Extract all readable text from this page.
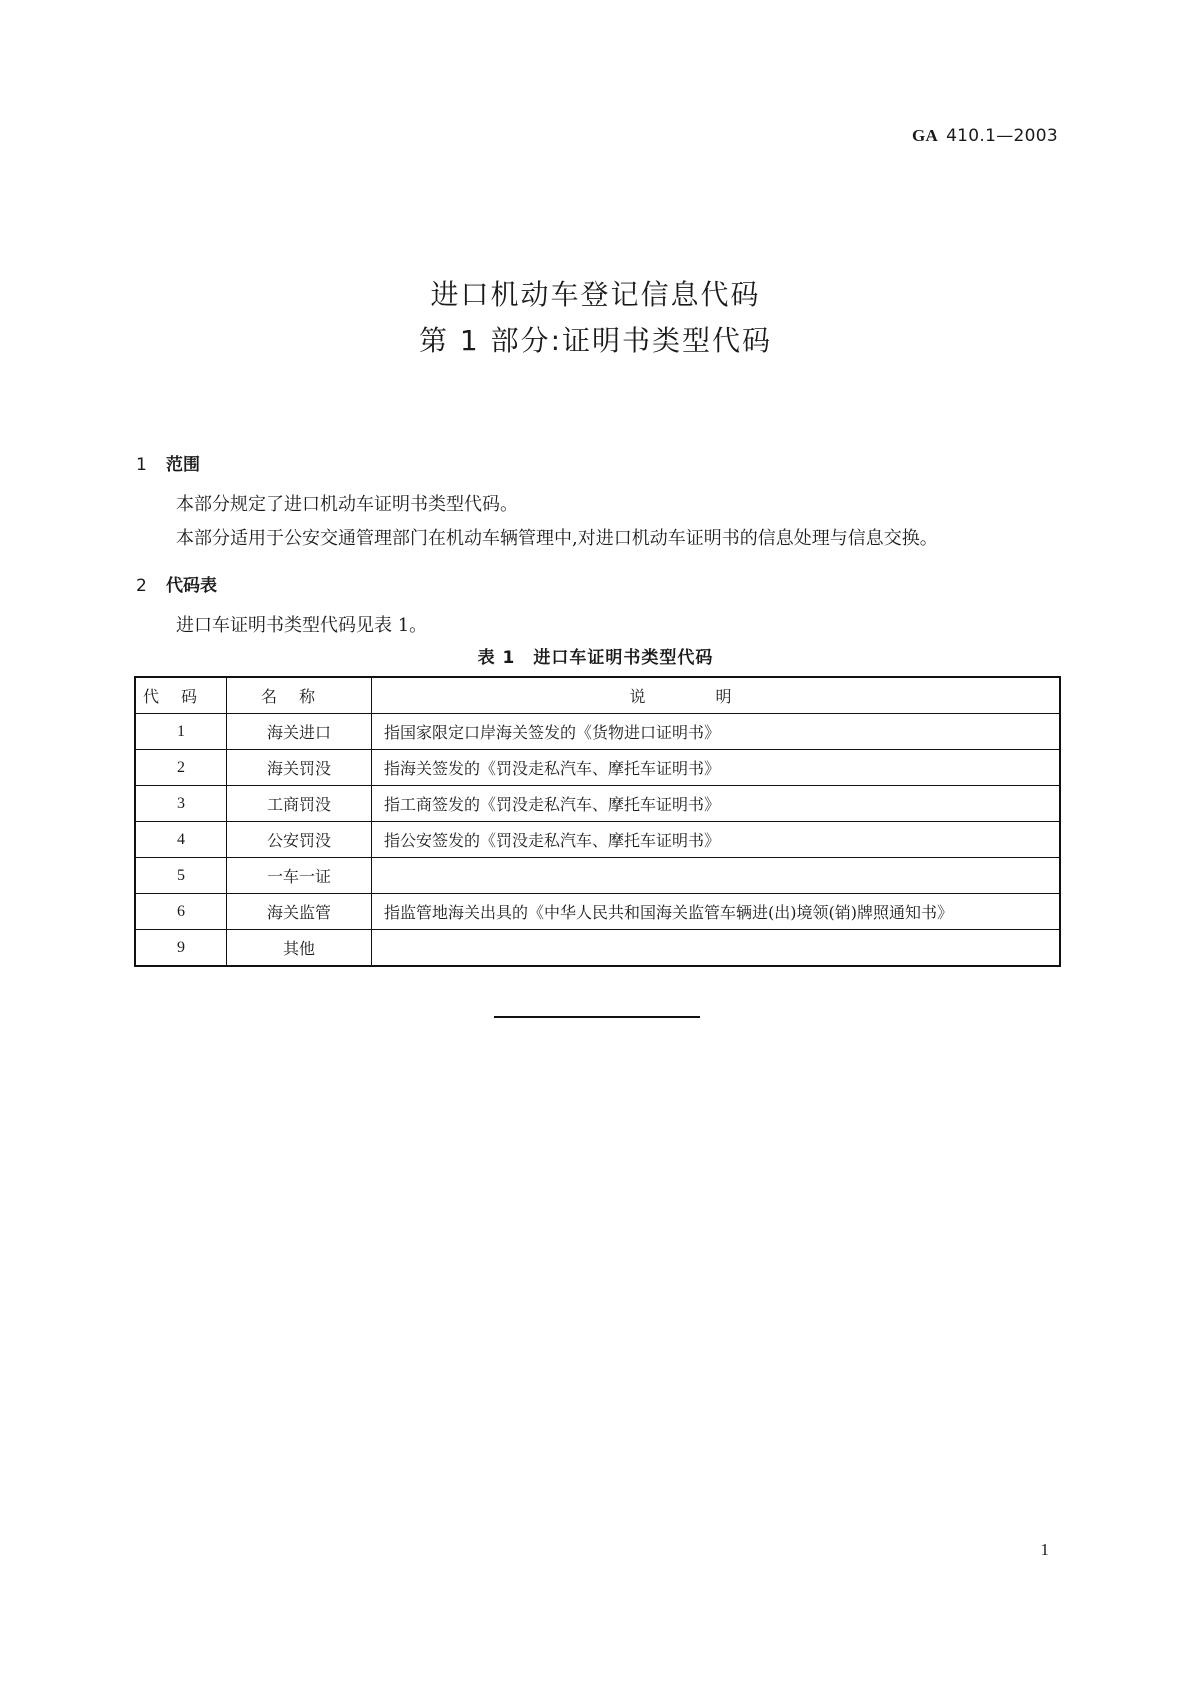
GA 410.1—2003
进口机动车登记信息代码
第 1 部分:证明书类型代码
1 范围
本部分规定了进口机动车证明书类型代码。
本部分适用于公安交通管理部门在机动车辆管理中,对进口机动车证明书的信息处理与信息交换。
2 代码表
进口车证明书类型代码见表 1。
表 1　进口车证明书类型代码
代码	名称	说明
1	海关进口	指国家限定口岸海关签发的《货物进口证明书》
2	海关罚没	指海关签发的《罚没走私汽车、摩托车证明书》
3	工商罚没	指工商签发的《罚没走私汽车、摩托车证明书》
4	公安罚没	指公安签发的《罚没走私汽车、摩托车证明书》
5	一车一证	
6	海关监管	指监管地海关出具的《中华人民共和国海关监管车辆进(出)境领(销)牌照通知书》
9	其他	
1
